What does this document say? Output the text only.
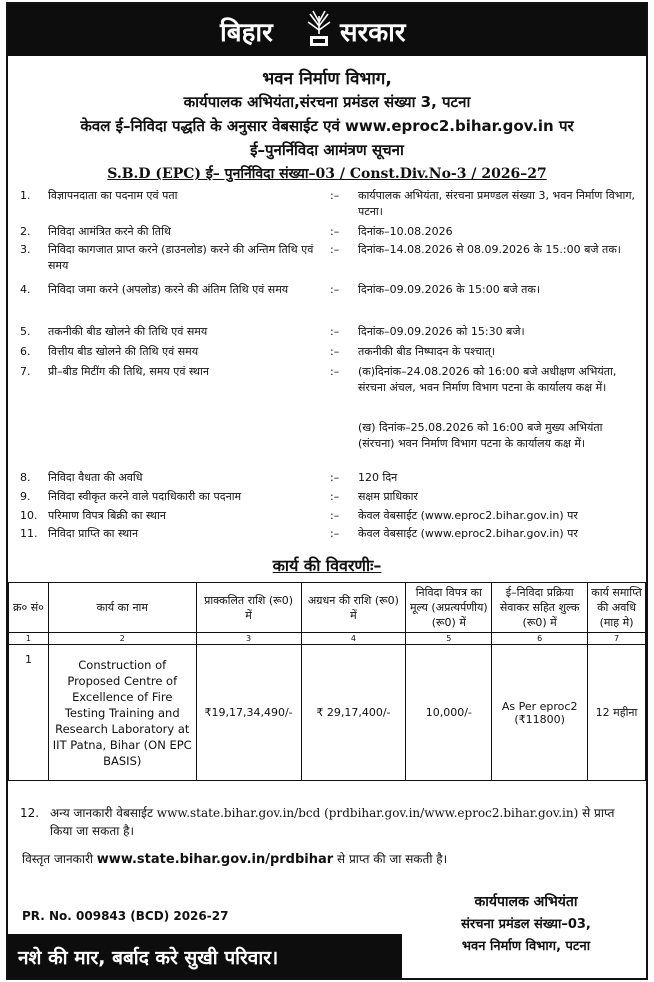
बिहार	सरकार
भवन निर्माण विभाग,
कार्यपालक अभियंता,संरचना प्रमंडल संख्या 3, पटना
केवल ई–निविदा पद्धति के अनुसार वेबसाईट एवं www.eproc2.bihar.gov.in पर
ई–पुनर्निविदा आमंत्रण सूचना
S.B.D (EPC) ई– पुनर्निविदा संख्या–03 / Const.Div.No-3 / 2026–27
1. विज्ञापनदाता का पदनाम एवं पता	:– कार्यपालक अभियंता, संरचना प्रमण्डल संख्या 3, भवन निर्माण विभाग, पटना।
2. निविदा आमंत्रित करने की तिथि	:– दिनांक–10.08.2026
3. निविदा कागजात प्राप्त करने (डाउनलोड) करने की अन्तिम तिथि एवं समय
:– दिनांक–14.08.2026 से 08.09.2026 के 15.:00 बजे तक।
4. निविदा जमा करने (अपलोड) करने की अंतिम तिथि एवं समय	:– दिनांक–09.09.2026 के 15:00 बजे तक।
5. तकनीकी बीड खोलने की तिथि एवं समय	:– दिनांक–09.09.2026 को 15:30 बजे।
6. वित्तीय बीड खोलने की तिथि एवं समय	:– तकनीकी बीड निष्पादन के पश्चात्।
7. प्री–बीड मिटींग की तिथि, समय एवं स्थान	:– (क)दिनांक–24.08.2026 को 16:00 बजे अधीक्षण अभियंता, संरचना अंचल, भवन निर्माण विभाग पटना के कार्यालय कक्ष में।
(ख) दिनांक–25.08.2026 को 16:00 बजे मुख्य अभियंता (संरचना) भवन निर्माण विभाग पटना के कार्यालय कक्ष में।
8. निविदा वैधता की अवधि	:– 120 दिन
9. निविदा स्वीकृत करने वाले पदाधिकारी का पदनाम	:– सक्षम प्राधिकार
10. परिमाण विपत्र बिक्री का स्थान	:– केवल वेबसाईट (www.eproc2.bihar.gov.in) पर
11. निविदा प्राप्ति का स्थान	:– केवल वेबसाईट (www.eproc2.bihar.gov.in) पर
कार्य की विवरणीः–
क्र० सं०	कार्य का नाम	प्राक्कलित राशि (रू0) में	अग्रधन की राशि (रू0) में	निविदा विपत्र का मूल्य (अप्रत्यर्पणीय) (रू0) में	ई–निविदा प्रक्रिया सेवाकर सहित शुल्क (रू0) में	कार्य समाप्ति की अवधि (माह मे)
1	2	3	4	5	6	7
1	Construction of Proposed Centre of Excellence of Fire Testing Training and Research Laboratory at IIT Patna, Bihar (ON EPC BASIS)	₹19,17,34,490/-	₹ 29,17,400/-	10,000/-	As Per eproc2
(₹11800)	12 महीना
12. अन्य जानकारी वेबसाईट www.state.bihar.gov.in/bcd (prdbihar.gov.in/www.eproc2.bihar.gov.in) से प्राप्त किया जा सकता है।
विस्तृत जानकारी www.state.bihar.gov.in/prdbihar से प्राप्त की जा सकती है।
PR. No. 009843 (BCD) 2026-27
कार्यपालक अभियंता
संरचना प्रमंडल संख्या–03,
भवन निर्माण विभाग, पटना
नशे की मार, बर्बाद करे सुखी परिवार।
